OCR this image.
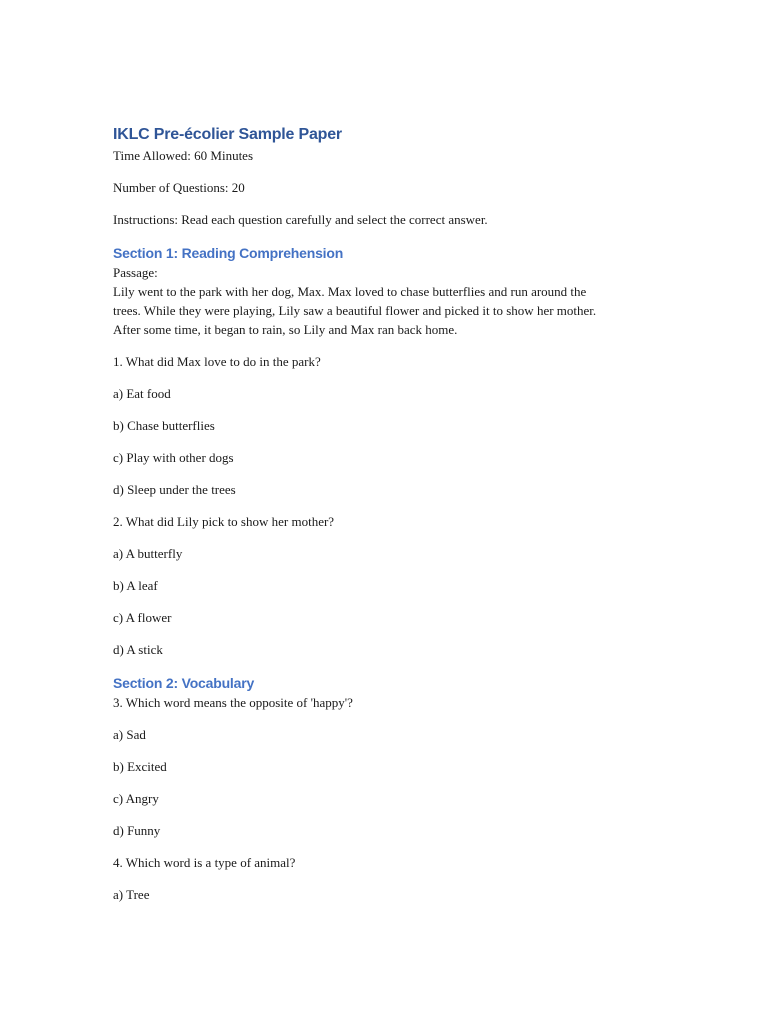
IKLC Pre-écolier Sample Paper

Time Allowed: 60 Minutes

Number of Questions: 20

Instructions: Read each question carefully and select the correct answer.

Section 1: Reading Comprehension

Passage:

Lily went to the park with her dog, Max. Max loved to chase butterflies and run around the

trees. While they were playing, Lily saw a beautiful flower and picked it to show her mother.

After some time, it began to rain, so Lily and Max ran back home.

1. What did Max love to do in the park?

a) Eat food

b) Chase butterflies

c) Play with other dogs

d) Sleep under the trees

2. What did Lily pick to show her mother?

a) A butterfly

b) A leaf

c) A flower

d) A stick

Section 2: Vocabulary

3. Which word means the opposite of 'happy'?

a) Sad

b) Excited

c) Angry

d) Funny

4. Which word is a type of animal?

a) Tree
